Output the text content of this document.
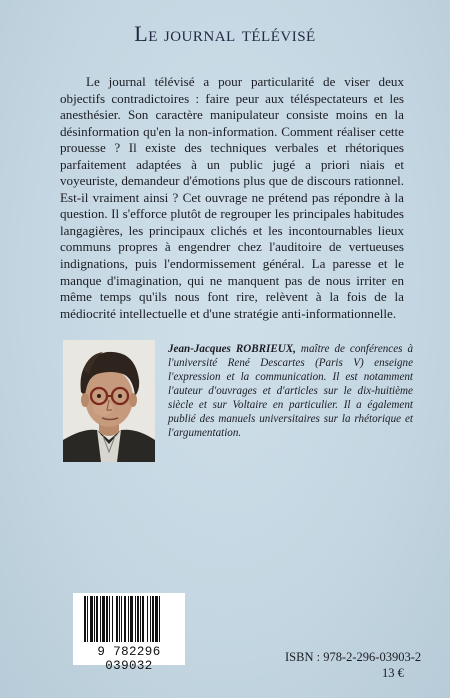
Le journal télévisé

Le journal télévisé a pour particularité de viser deux objectifs contradictoires : faire peur aux téléspectateurs et les anesthésier. Son caractère manipulateur consiste moins en la désinformation qu'en la non-information. Comment réaliser cette prouesse ? Il existe des techniques verbales et rhétoriques parfaitement adaptées à un public jugé a priori niais et voyeuriste, demandeur d'émotions plus que de discours rationnel. Est-il vraiment ainsi ? Cet ouvrage ne prétend pas répondre à la question. Il s'efforce plutôt de regrouper les principales habitudes langagières, les principaux clichés et les incontournables lieux communs propres à engendrer chez l'auditoire de vertueuses indignations, puis l'endormissement général. La paresse et le manque d'imagination, qui ne manquent pas de nous irriter en même temps qu'ils nous font rire, relèvent à la fois de la médiocrité intellectuelle et d'une stratégie anti-informationnelle.

Jean-Jacques ROBRIEUX, maître de conférences à l'université René Descartes (Paris V) enseigne l'expression et la communication. Il est notamment l'auteur d'ouvrages et d'articles sur le dix-huitième siècle et sur Voltaire en particulier. Il a également publié des manuels universitaires sur la rhétorique et l'argumentation.

9 782296 039032
ISBN : 978-2-296-03903-2
13 €
